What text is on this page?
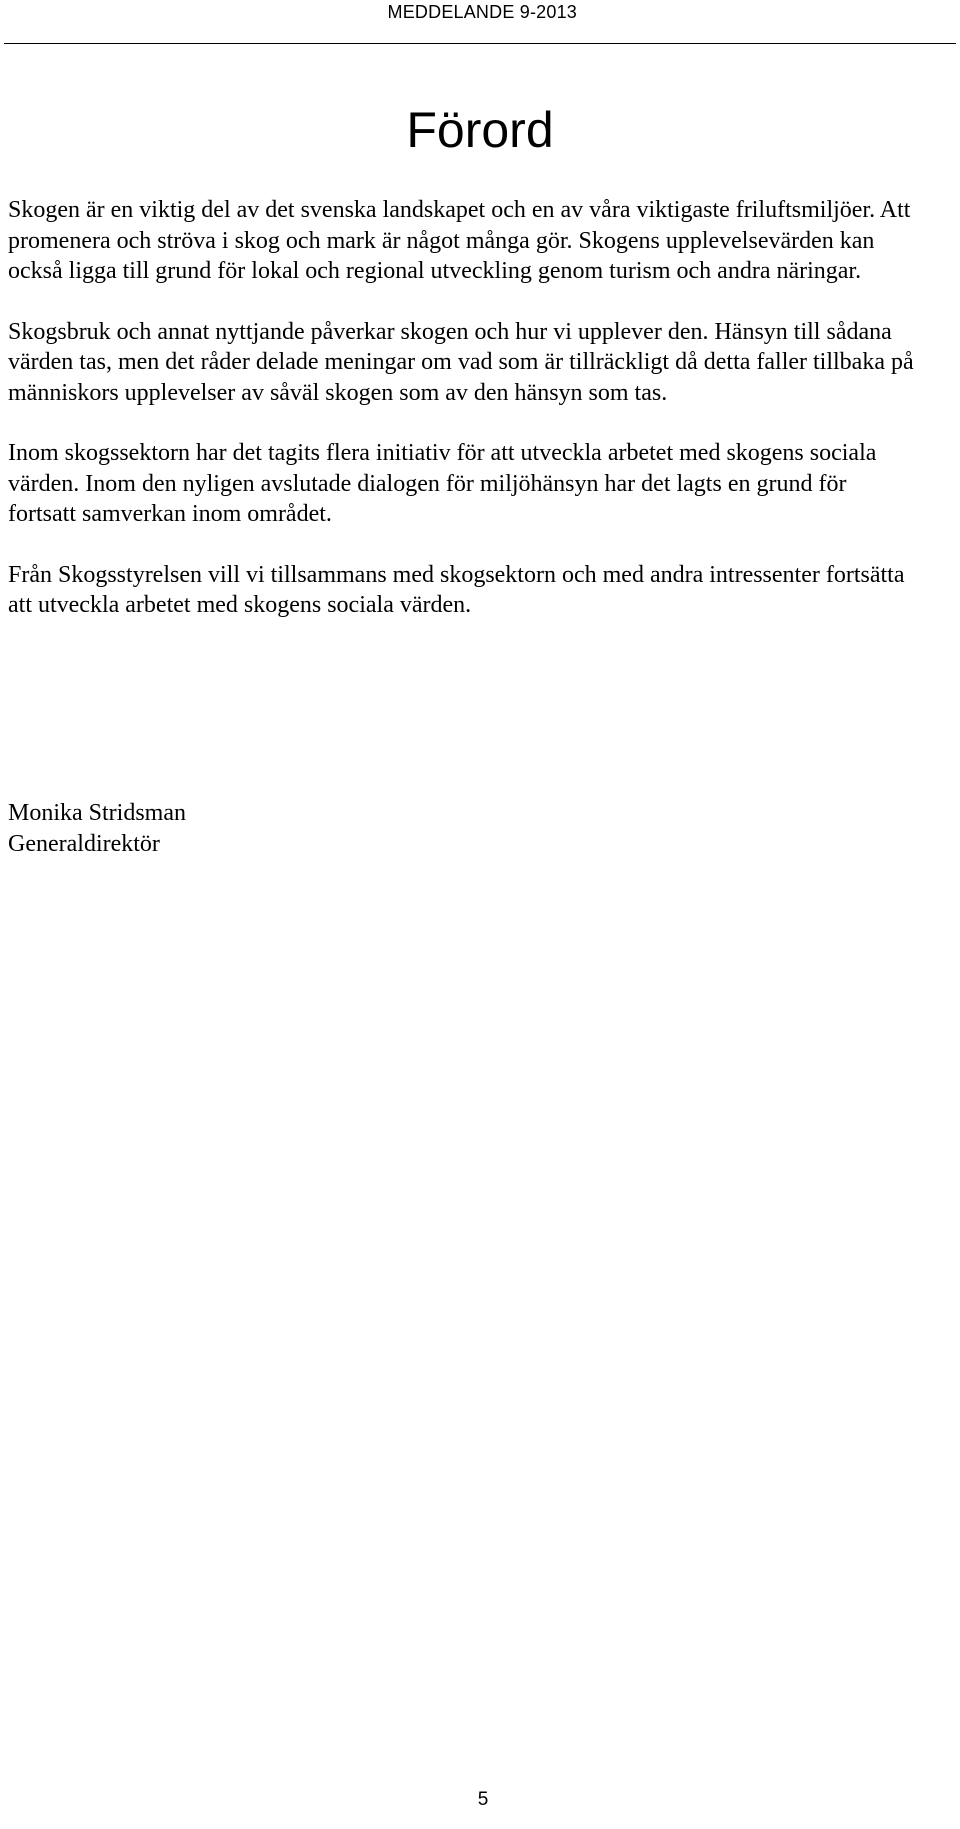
MEDDELANDE 9-2013
Förord

Skogen är en viktig del av det svenska landskapet och en av våra viktigaste friluftsmiljöer. Att promenera och ströva i skog och mark är något många gör. Skogens upplevelsevärden kan också ligga till grund för lokal och regional utveckling genom turism och andra näringar.

Skogsbruk och annat nyttjande påverkar skogen och hur vi upplever den. Hänsyn till sådana värden tas, men det råder delade meningar om vad som är tillräckligt då detta faller tillbaka på människors upplevelser av såväl skogen som av den hänsyn som tas.

Inom skogssektorn har det tagits flera initiativ för att utveckla arbetet med skogens sociala värden. Inom den nyligen avslutade dialogen för miljöhänsyn har det lagts en grund för fortsatt samverkan inom området.

Från Skogsstyrelsen vill vi tillsammans med skogsektorn och med andra intressenter fortsätta att utveckla arbetet med skogens sociala värden.

Monika Stridsman
Generaldirektör
5
